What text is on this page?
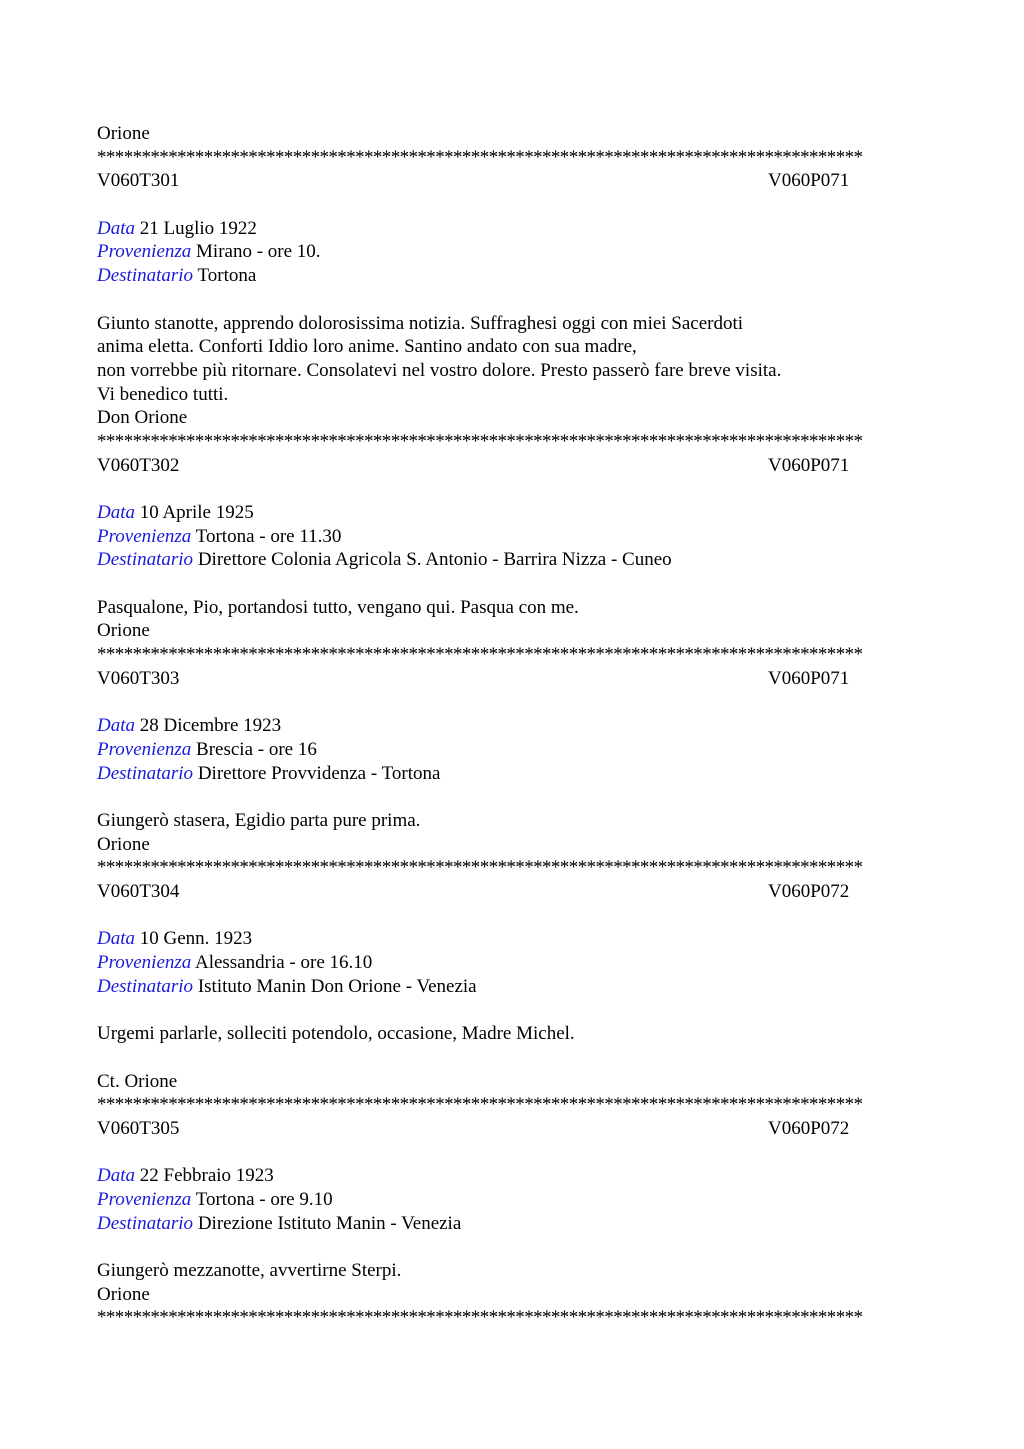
Orione
**************************************************************************************
V060T301	V060P071
Data 21 Luglio 1922
Provenienza Mirano - ore 10.
Destinatario Tortona
Giunto stanotte, apprendo dolorosissima notizia. Suffraghesi oggi con miei Sacerdoti
anima eletta. Conforti Iddio loro anime. Santino andato con sua madre,
non vorrebbe più ritornare. Consolatevi nel vostro dolore. Presto passerò fare breve visita.
Vi benedico tutti.
Don Orione
**************************************************************************************
V060T302	V060P071
Data 10 Aprile 1925
Provenienza Tortona - ore 11.30
Destinatario Direttore Colonia Agricola S. Antonio - Barrira Nizza - Cuneo
Pasqualone, Pio, portandosi tutto, vengano qui. Pasqua con me.
Orione
**************************************************************************************
V060T303	V060P071
Data 28 Dicembre 1923
Provenienza Brescia - ore 16
Destinatario Direttore Provvidenza - Tortona
Giungerò stasera, Egidio parta pure prima.
Orione
**************************************************************************************
V060T304	V060P072
Data 10 Genn. 1923
Provenienza Alessandria - ore 16.10
Destinatario Istituto Manin Don Orione - Venezia
Urgemi parlarle, solleciti potendolo, occasione, Madre Michel.
Ct. Orione
**************************************************************************************
V060T305	V060P072
Data 22 Febbraio 1923
Provenienza Tortona - ore 9.10
Destinatario Direzione Istituto Manin - Venezia
Giungerò mezzanotte, avvertirne Sterpi.
Orione
**************************************************************************************
